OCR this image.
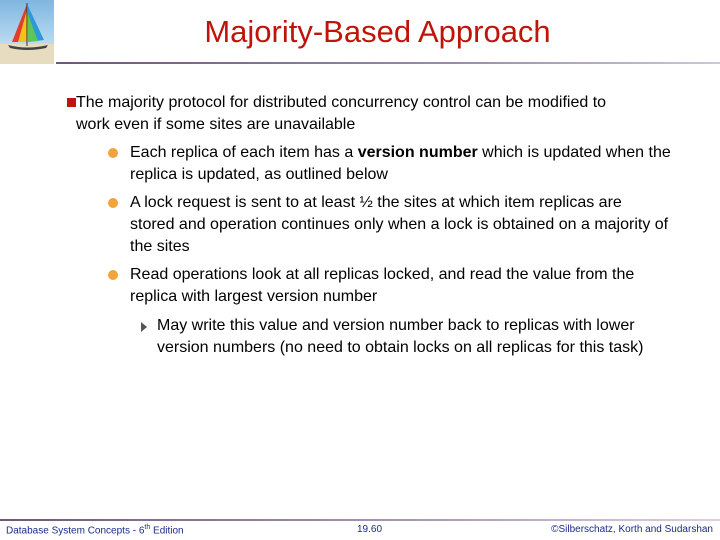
Majority-Based Approach
The majority protocol for distributed concurrency control can be modified to work even if some sites are unavailable
Each replica of each item has a version number which is updated when the replica is updated, as outlined below
A lock request is sent to at least ½ the sites at which item replicas are stored and operation continues only when a lock is obtained on a majority of the sites
Read operations look at all replicas locked, and read the value from the replica with largest version number
May write this value and version number back to replicas with lower version numbers (no need to obtain locks on all replicas for this task)
Database System Concepts - 6th Edition	19.60	©Silberschatz, Korth and Sudarshan
